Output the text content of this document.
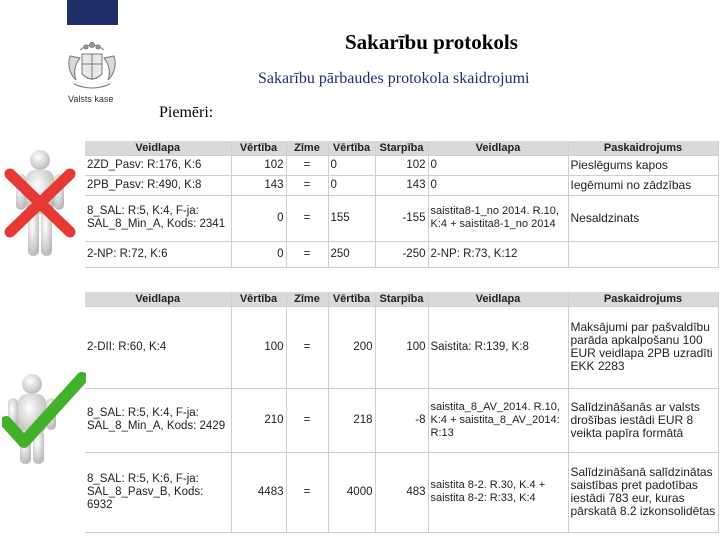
Valsts kase
Sakarību protokols
Sakarību pārbaudes protokola skaidrojumi
Piemēri:
Veidlapa	Vērtība	Zīme	Vērtība	Starpība	Veidlapa	Paskaidrojums
2ZD_Pasv: R:176, K:6	102	=	0	102	0	Pieslēgums kapos
2PB_Pasv: R:490, K:8	143	=	0	143	0	Iegēmumi no zādzības
8_SAL: R:5, K:4, F-ja: SAL_8_Min_A, Kods: 2341	0	=	155	-155	saistita8-1_no 2014. R.10, K:4 + saistita8-1_no 2014	Nesaldzinats
2-NP: R:72, K:6	0	=	250	-250	2-NP: R:73, K:12	
Veidlapa	Vērtība	Zīme	Vērtība	Starpība	Veidlapa	Paskaidrojums
2-DII: R:60, K:4	100	=	200	100	Saistita: R:139, K:8	Maksājumi par pašvaldību parāda apkalpošanu 100 EUR veidlapa 2PB uzradīti EKK 2283
8_SAL: R:5, K:4, F-ja: SAL_8_Min_A, Kods: 2429	210	=	218	-8	saistita_8_AV_2014. R.10, K:4 + saistita_8_AV_2014: R:13	Salīdzināšanās ar valsts drošības iestādi EUR 8 veikta papīra formātā
8_SAL: R:5, K:6, F-ja: SAL_8_Pasv_B, Kods: 6932	4483	=	4000	483	saistita 8-2. R.30, K.4 + saistita 8-2: R:33, K:4	Salīdzināšanā salīdzinātas saistības pret padotības iestādi 783 eur, kuras pārskatā 8.2 izkonsolidētas
